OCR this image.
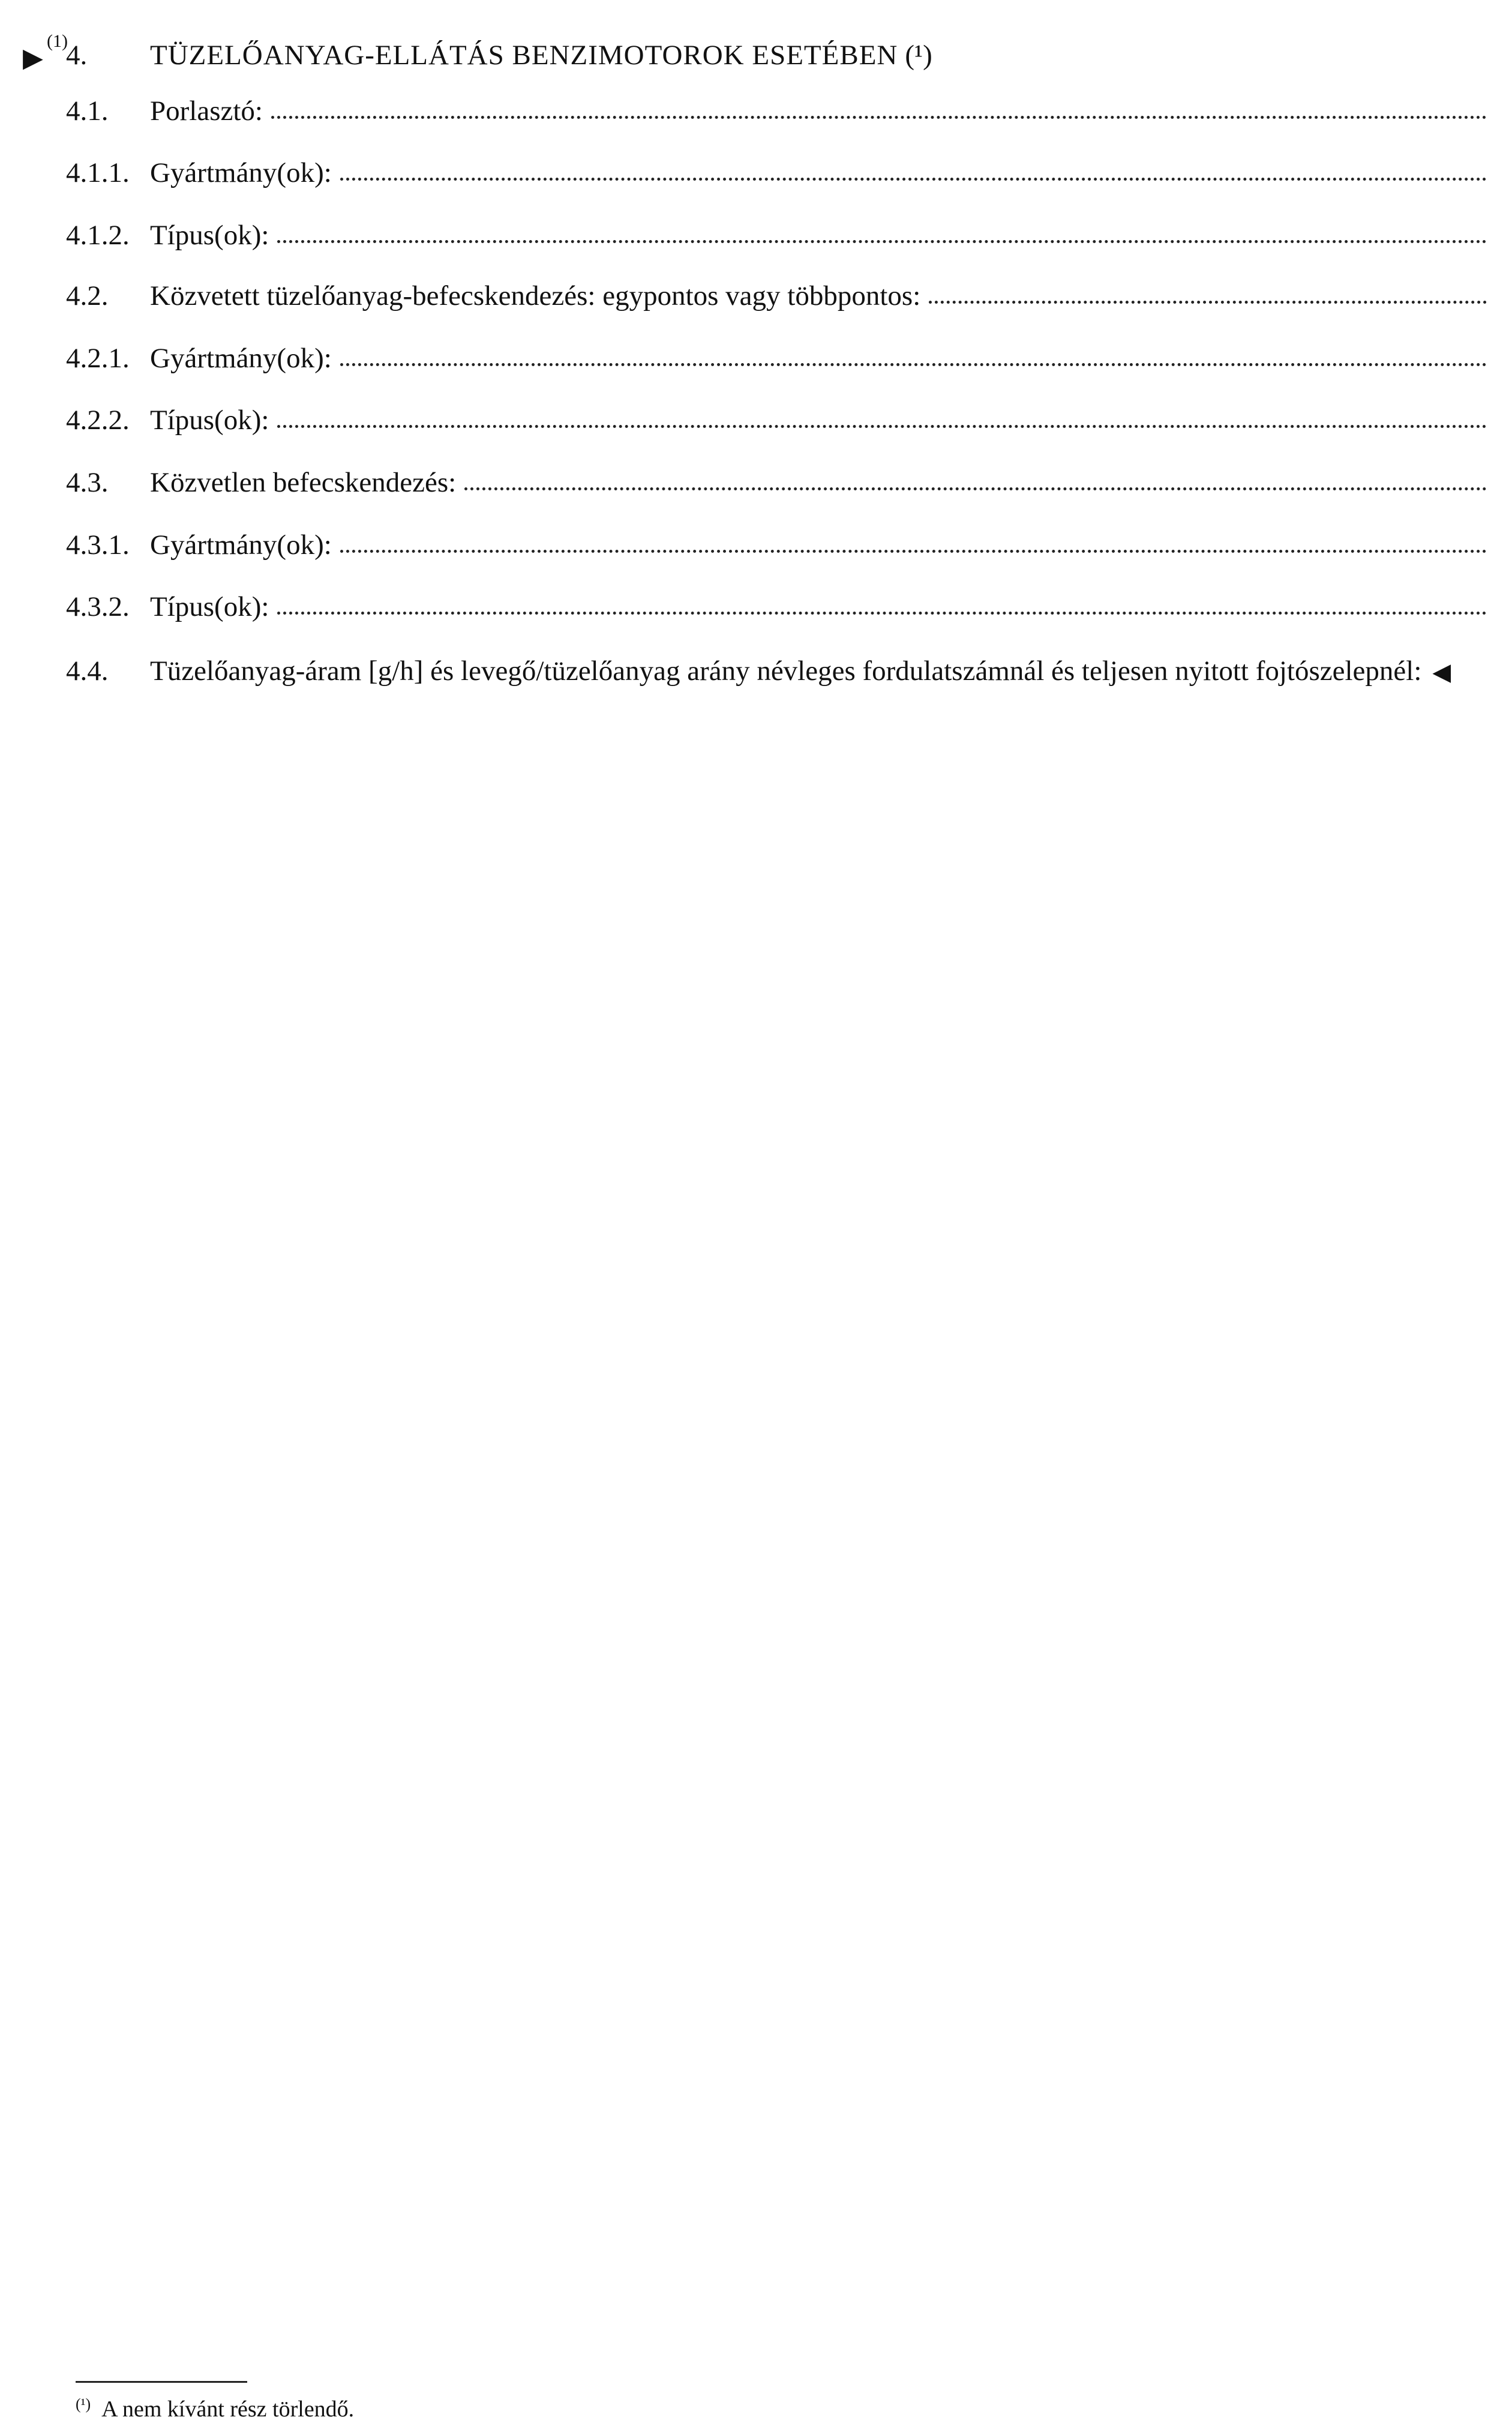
▶
(1)
4. TÜZELŐANYAG-ELLÁTÁS BENZIMOTOROK ESETÉBEN (¹)
4.1. Porlasztó:
4.1.1. Gyártmány(ok):
4.1.2. Típus(ok):
4.2. Közvetett tüzelőanyag-befecskendezés: egypontos vagy többpontos:
4.2.1. Gyártmány(ok):
4.2.2. Típus(ok):
4.3. Közvetlen befecskendezés:
4.3.1. Gyártmány(ok):
4.3.2. Típus(ok):
4.4. Tüzelőanyag-áram [g/h] és levegő/tüzelőanyag arány névleges fordulatszámnál és teljesen nyitott fojtószelepnél: ◀
$^{(^1)}$ A nem kívánt rész törlendő.
